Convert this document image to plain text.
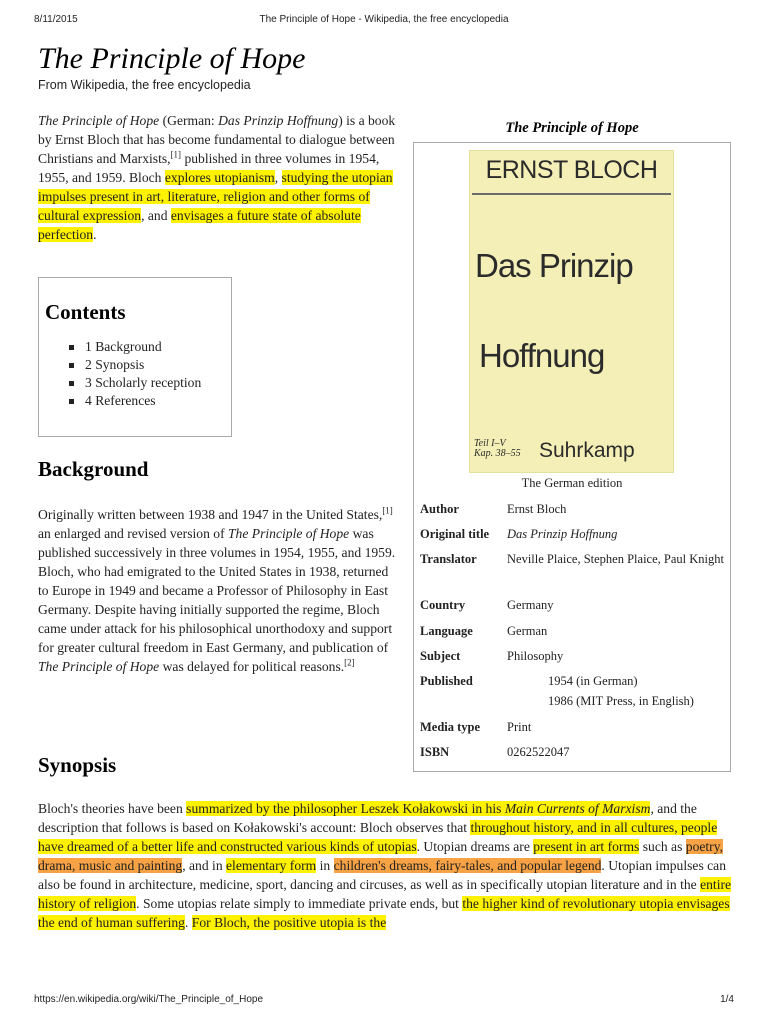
8/11/2015	The Principle of Hope - Wikipedia, the free encyclopedia
The Principle of Hope
From Wikipedia, the free encyclopedia
The Principle of Hope (German: Das Prinzip Hoffnung) is a book by Ernst Bloch that has become fundamental to dialogue between Christians and Marxists,[1] published in three volumes in 1954, 1955, and 1959. Bloch explores utopianism, studying the utopian impulses present in art, literature, religion and other forms of cultural expression, and envisages a future state of absolute perfection.
Contents
1 Background
2 Synopsis
3 Scholarly reception
4 References
Background
Originally written between 1938 and 1947 in the United States,[1] an enlarged and revised version of The Principle of Hope was published successively in three volumes in 1954, 1955, and 1959. Bloch, who had emigrated to the United States in 1938, returned to Europe in 1949 and became a Professor of Philosophy in East Germany. Despite having initially supported the regime, Bloch came under attack for his philosophical unorthodoxy and support for greater cultural freedom in East Germany, and publication of The Principle of Hope was delayed for political reasons.[2]
Synopsis
Bloch's theories have been summarized by the philosopher Leszek Kołakowski in his Main Currents of Marxism, and the description that follows is based on Kołakowski's account: Bloch observes that throughout history, and in all cultures, people have dreamed of a better life and constructed various kinds of utopias. Utopian dreams are present in art forms such as poetry, drama, music and painting, and in elementary form in children's dreams, fairy-tales, and popular legend. Utopian impulses can also be found in architecture, medicine, sport, dancing and circuses, as well as in specifically utopian literature and in the entire history of religion. Some utopias relate simply to immediate private ends, but the higher kind of revolutionary utopia envisages the end of human suffering. For Bloch, the positive utopia is the
The Principle of Hope
ERNST BLOCH
Das Prinzip
Hoffnung
Teil I–V
Kap. 38–55 Suhrkamp
The German edition
Author	Ernst Bloch
Original title Das Prinzip Hoffnung
Translator Neville Plaice, Stephen Plaice, Paul Knight
Country	Germany
Language	German
Subject	Philosophy
Published	1954 (in German)
1986 (MIT Press, in English)
Media type Print
ISBN	0262522047
https://en.wikipedia.org/wiki/The_Principle_of_Hope	1/4
